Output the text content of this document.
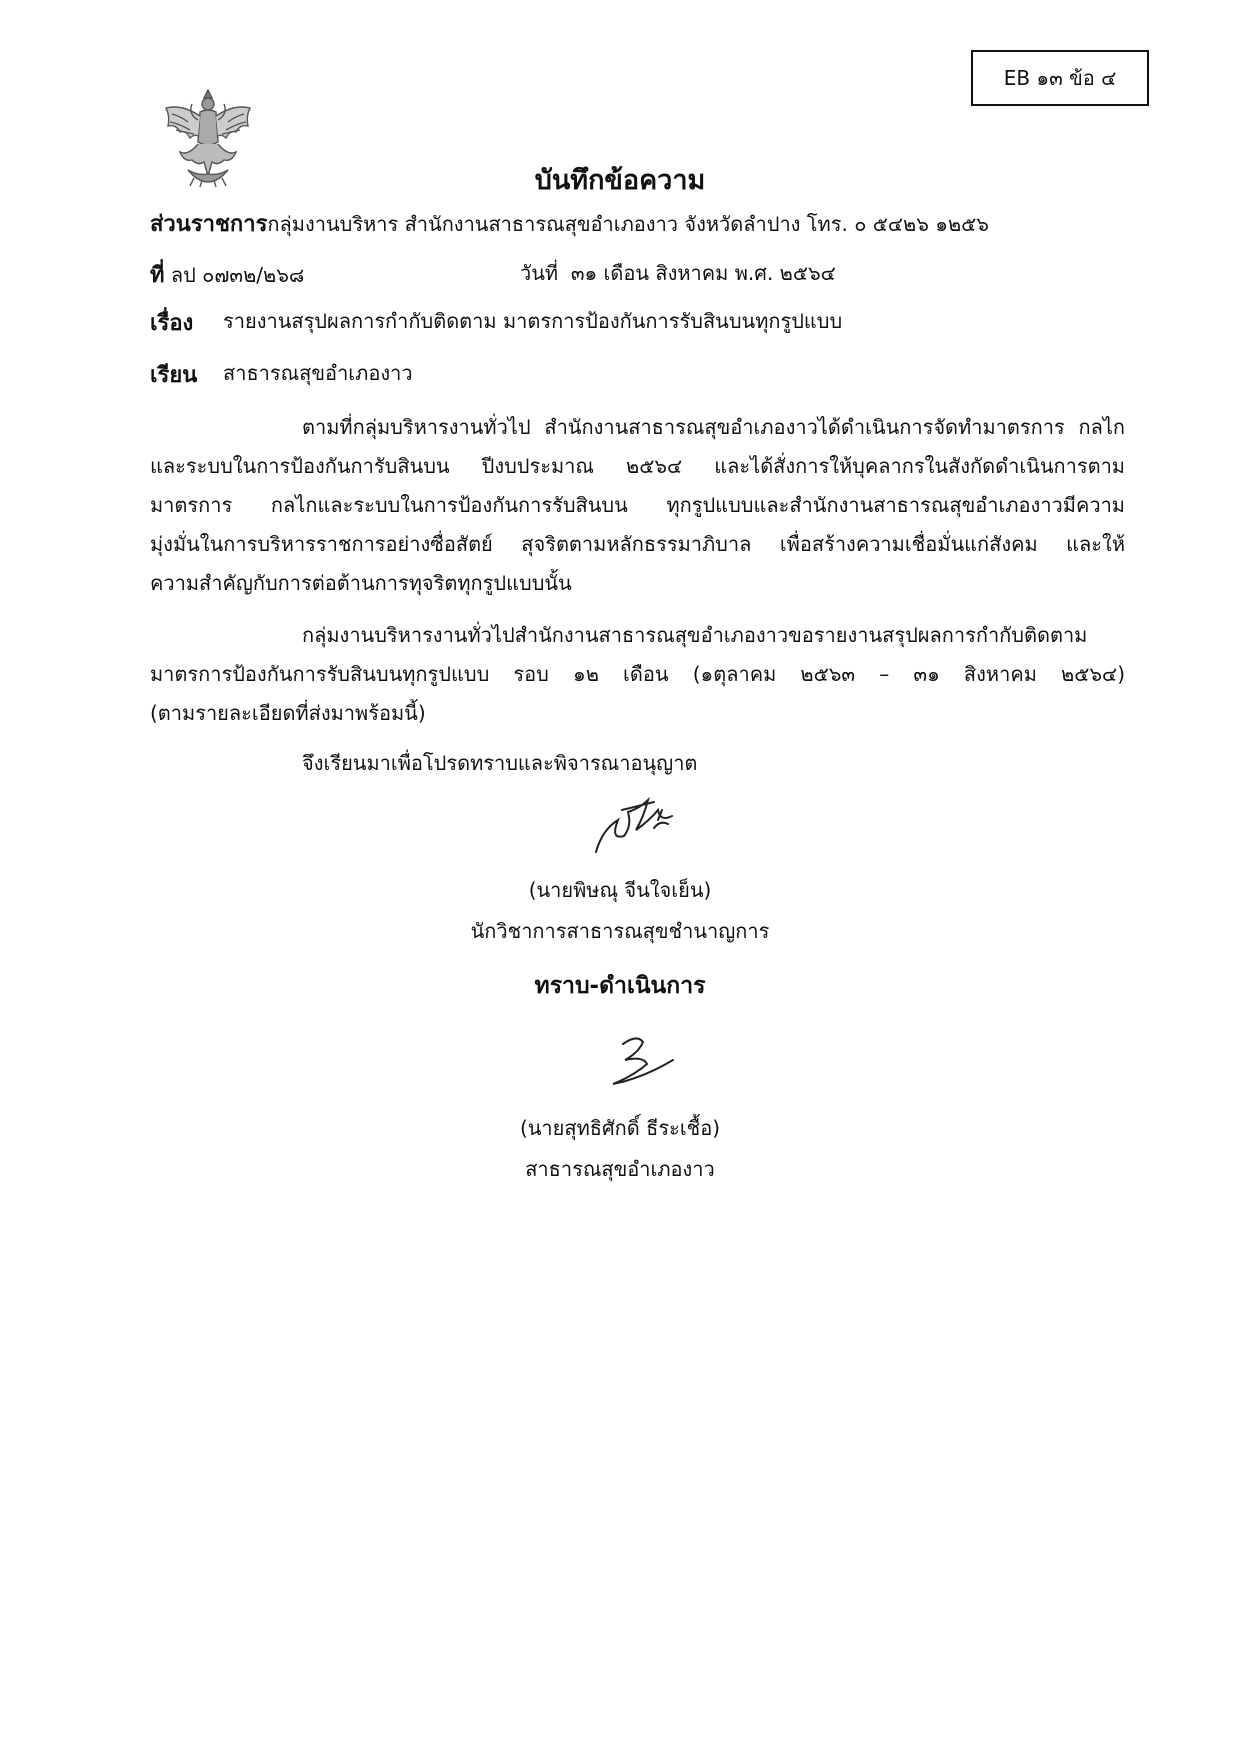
EB ๑๓ ข้อ ๔
บันทึกข้อความ
ส่วนราชการกลุ่มงานบริหาร สำนักงานสาธารณสุขอำเภองาว จังหวัดลำปาง โทร. ๐ ๕๔๒๖ ๑๒๕๖
ที่ ลป ๐๗๓๒/๒๖๘	วันที่ ๓๑ เดือน สิงหาคม พ.ศ. ๒๕๖๔
เรื่อง รายงานสรุปผลการกำกับติดตาม มาตรการป้องกันการรับสินบนทุกรูปแบบ
เรียน สาธารณสุขอำเภองาว
ตามที่กลุ่มบริหารงานทั่วไป สำนักงานสาธารณสุขอำเภองาวได้ดำเนินการจัดทำมาตรการ กลไก
และระบบในการป้องกันการับสินบน ปีงบประมาณ ๒๕๖๔ และได้สั่งการให้บุคลากรในสังกัดดำเนินการตาม
มาตรการ กลไกและระบบในการป้องกันการรับสินบน ทุกรูปแบบและสำนักงานสาธารณสุขอำเภองาวมีความ
มุ่งมั่นในการบริหารราชการอย่างซื่อสัตย์ สุจริตตามหลักธรรมาภิบาล เพื่อสร้างความเชื่อมั่นแก่สังคม และให้
ความสำคัญกับการต่อต้านการทุจริตทุกรูปแบบนั้น
กลุ่มงานบริหารงานทั่วไปสำนักงานสาธารณสุขอำเภองาวขอรายงานสรุปผลการกำกับติดตาม
มาตรการป้องกันการรับสินบนทุกรูปแบบ รอบ ๑๒ เดือน (๑ตุลาคม ๒๕๖๓ – ๓๑ สิงหาคม ๒๕๖๔)
(ตามรายละเอียดที่ส่งมาพร้อมนี้)
จึงเรียนมาเพื่อโปรดทราบและพิจารณาอนุญาต
(นายพิษณุ จีนใจเย็น)
นักวิชาการสาธารณสุขชำนาญการ
ทราบ-ดำเนินการ
(นายสุทธิศักดิ์ ธีระเชื้อ)
สาธารณสุขอำเภองาว
